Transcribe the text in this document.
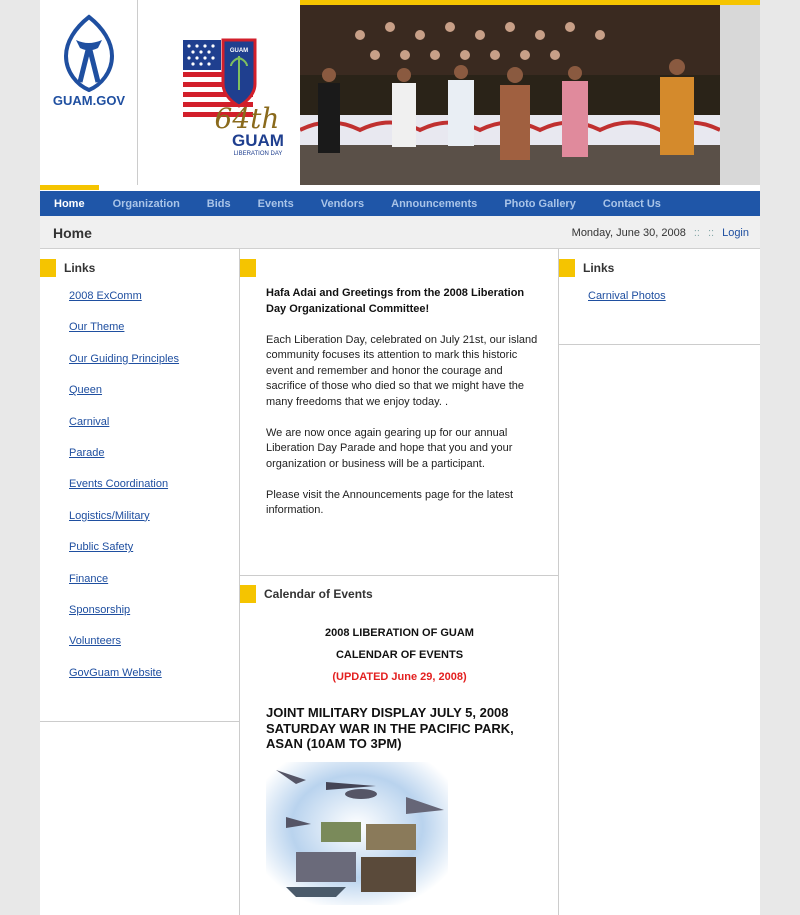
GUAM.GOV
GUAM
64th
GUAM
LIBERATION DAY
Home	Organization	Bids	Events	Vendors	Announcements	Photo Gallery	Contact Us
Home	Monday, June 30, 2008 :: :: Login
Links
2008 ExComm
Our Theme
Our Guiding Principles
Queen
Carnival
Parade
Events Coordination
Logistics/Military
Public Safety
Finance
Sponsorship
Volunteers
GovGuam Website

Hafa Adai and Greetings from the 2008 Liberation Day Organizational Committee!

Each Liberation Day, celebrated on July 21st, our island community focuses its attention to mark this historic event and remember and honor the courage and sacrifice of those who died so that we might have the many freedoms that we enjoy today. .

We are now once again gearing up for our annual Liberation Day Parade and hope that you and your organization or business will be a participant.

Please visit the Announcements page for the latest information.

Calendar of Events
2008 LIBERATION OF GUAM
CALENDAR OF EVENTS
(UPDATED June 29, 2008)
JOINT MILITARY DISPLAY JULY 5, 2008 SATURDAY WAR IN THE PACIFIC PARK, ASAN (10AM TO 3PM)
Links
Carnival Photos
